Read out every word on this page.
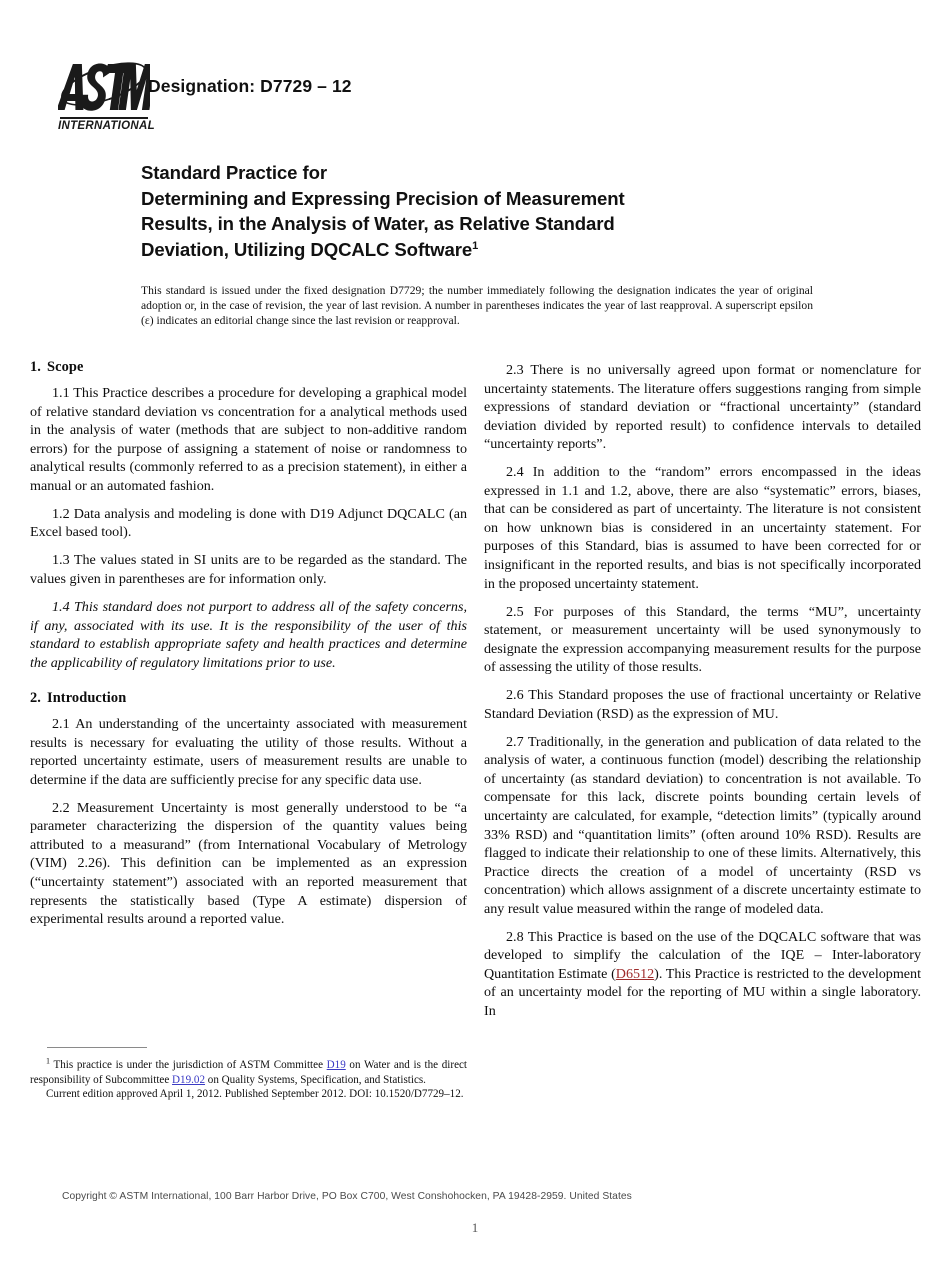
INTERNATIONAL
Designation: D7729 – 12
Standard Practice for
Determining and Expressing Precision of Measurement
Results, in the Analysis of Water, as Relative Standard
Deviation, Utilizing DQCALC Software$^1$
This standard is issued under the fixed designation D7729; the number immediately following the designation indicates the year of original adoption or, in the case of revision, the year of last revision. A number in parentheses indicates the year of last reapproval. A superscript epsilon (ε) indicates an editorial change since the last revision or reapproval.
1. Scope

1.1 This Practice describes a procedure for developing a graphical model of relative standard deviation vs concentration for a analytical methods used in the analysis of water (methods that are subject to non-additive random errors) for the purpose of assigning a statement of noise or randomness to analytical results (commonly referred to as a precision statement), in either a manual or an automated fashion.

1.2 Data analysis and modeling is done with D19 Adjunct DQCALC (an Excel based tool).

1.3 The values stated in SI units are to be regarded as the standard. The values given in parentheses are for information only.

1.4 This standard does not purport to address all of the safety concerns, if any, associated with its use. It is the responsibility of the user of this standard to establish appropriate safety and health practices and determine the applicability of regulatory limitations prior to use.

2. Introduction

2.1 An understanding of the uncertainty associated with measurement results is necessary for evaluating the utility of those results. Without a reported uncertainty estimate, users of measurement results are unable to determine if the data are sufficiently precise for any specific data use.

2.2 Measurement Uncertainty is most generally understood to be “a parameter characterizing the dispersion of the quantity values being attributed to a measurand” (from International Vocabulary of Metrology (VIM) 2.26). This definition can be implemented as an expression (“uncertainty statement”) associated with an reported measurement that represents the statistically based (Type A estimate) dispersion of experimental results around a reported value.

2.3 There is no universally agreed upon format or nomenclature for uncertainty statements. The literature offers suggestions ranging from simple expressions of standard deviation or “fractional uncertainty” (standard deviation divided by reported result) to confidence intervals to detailed “uncertainty reports”.

2.4 In addition to the “random” errors encompassed in the ideas expressed in 1.1 and 1.2, above, there are also “systematic” errors, biases, that can be considered as part of uncertainty. The literature is not consistent on how unknown bias is considered in an uncertainty statement. For purposes of this Standard, bias is assumed to have been corrected for or insignificant in the reported results, and bias is not specifically incorporated in the proposed uncertainty statement.

2.5 For purposes of this Standard, the terms “MU”, uncertainty statement, or measurement uncertainty will be used synonymously to designate the expression accompanying measurement results for the purpose of assessing the utility of those results.

2.6 This Standard proposes the use of fractional uncertainty or Relative Standard Deviation (RSD) as the expression of MU.

2.7 Traditionally, in the generation and publication of data related to the analysis of water, a continuous function (model) describing the relationship of uncertainty (as standard deviation) to concentration is not available. To compensate for this lack, discrete points bounding certain levels of uncertainty are calculated, for example, “detection limits” (typically around 33% RSD) and “quantitation limits” (often around 10% RSD). Results are flagged to indicate their relationship to one of these limits. Alternatively, this Practice directs the creation of a model of uncertainty (RSD vs concentration) which allows assignment of a discrete uncertainty estimate to any result value measured within the range of modeled data.

2.8 This Practice is based on the use of the DQCALC software that was developed to simplify the calculation of the IQE – Inter-laboratory Quantitation Estimate (D6512). This Practice is restricted to the development of an uncertainty model for the reporting of MU within a single laboratory. In

$^1$ This practice is under the jurisdiction of ASTM Committee D19 on Water and is the direct responsibility of Subcommittee D19.02 on Quality Systems, Specification, and Statistics.

Current edition approved April 1, 2012. Published September 2012. DOI: 10.1520/D7729–12.

Copyright © ASTM International, 100 Barr Harbor Drive, PO Box C700, West Conshohocken, PA 19428-2959. United States
1
